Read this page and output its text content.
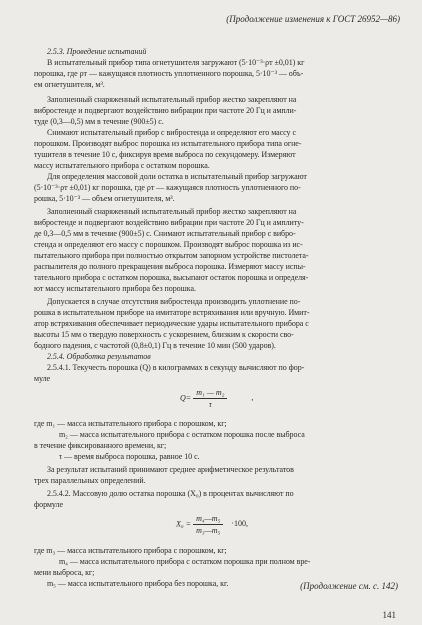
(Продолжение изменения к ГОСТ 26952—86)
2.5.3. Проведение испытаний
В испытательный прибор типа огнетушителя загружают (5·10⁻³·ρт ±0,01) кг
порошка, где ρт — кажущаяся плотность уплотненного порошка, 5·10⁻³ — объ-
ем огнетушителя, м³.
Заполненный снаряженный испытательный прибор жестко закрепляют на
вибростенде и подвергают воздействию вибрации при частоте 20 Гц и ампли-
туде (0,3—0,5) мм в течение (900±5) с.
Снимают испытательный прибор с вибростенда и определяют его массу с
порошком. Производят выброс порошка из испытательного прибора типа огне-
тушителя в течение 10 с, фиксируя время выброса по секундомеру. Измеряют
массу испытательного прибора с остатком порошка.
Для определения массовой доли остатка в испытательный прибор загружают
(5·10⁻³·ρт ±0,01) кг порошка, где ρт — кажущаяся плотность уплотненного по-
рошка, 5·10⁻³ — объем огнетушителя, м³.
Заполненный снаряженный испытательный прибор жестко закрепляют на
вибростенде и подвергают воздействию вибрации при частоте 20 Гц и амплиту-
де 0,3—0,5 мм в течение (900±5) с. Снимают испытательный прибор с вибро-
стенда и определяют его массу с порошком. Производят выброс порошка из ис-
пытательного прибора при полностью открытом запорном устройстве пистолета-
распылителя до полного прекращения выброса порошка. Измеряют массу испы-
тательного прибора с остатком порошка, высыпают остаток порошка и определя-
ют массу испытательного прибора без порошка.
Допускается в случае отсутствия вибростенда производить уплотнение по-
рошка в испытательном приборе на имитаторе встряхивания или вручную. Имит-
атор встряхивания обеспечивает периодические удары испытательного прибора с
высоты 15 мм о твердую поверхность с ускорением, близким к скорости сво-
бодного падения, с частотой (0,8±0,1) Гц в течение 10 мин (500 ударов).
2.5.4. Обработка результатов
2.5.4.1. Текучесть порошка (Q) в килограммах в секунду вычисляют по фор-
муле
$Q= \frac{\text{m₁ — m₂}}{\tau}$	,
где m₁ — масса испытательного прибора с порошком, кг;
m₂ — масса испытательного прибора с остатком порошка после выброса
в течение фиксированного времени, кг;
τ — время выброса порошка, равное 10 с.
За результат испытаний принимают среднее арифметическое результатов
трех параллельных определений.
2.5.4.2. Массовую долю остатка порошка (X₀) в процентах вычисляют по
формуле
$X_0 = \frac{\text{m₄—m₅}}{\text{m₃—m₅}} \cdot 100$,
где m₃ — масса испытательного прибора с порошком, кг;
m₄ — масса испытательного прибора с остатком порошка при полном вре-
мени выброса, кг;
m₅ — масса испытательного прибора без порошка, кг.	(Продолжение см. с. 142)
141
